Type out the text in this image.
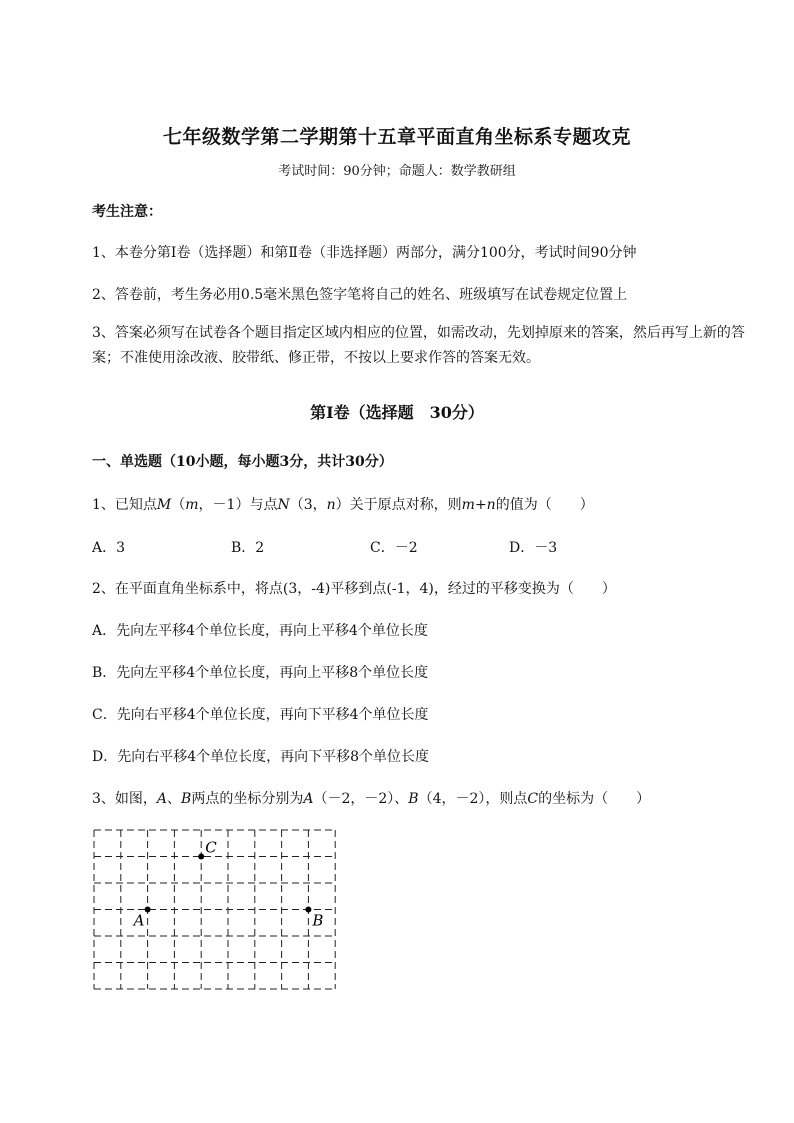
七年级数学第二学期第十五章平面直角坐标系专题攻克
考试时间：90分钟；命题人：数学教研组
考生注意：
1、本卷分第I卷（选择题）和第Ⅱ卷（非选择题）两部分，满分100分，考试时间90分钟
2、答卷前，考生务必用0.5毫米黑色签字笔将自己的姓名、班级填写在试卷规定位置上
3、答案必须写在试卷各个题目指定区域内相应的位置，如需改动，先划掉原来的答案，然后再写上新的答案；不准使用涂改液、胶带纸、修正带，不按以上要求作答的答案无效。
第I卷（选择题　30分）
一、单选题（10小题，每小题3分，共计30分）
1、已知点M（m，－1）与点N（3，n）关于原点对称，则m+n的值为（　　）
A．3	B．2	C．－2	D．－3
2、在平面直角坐标系中，将点(3，-4)平移到点(-1，4)，经过的平移变换为（　　）
A．先向左平移4个单位长度，再向上平移4个单位长度
B．先向左平移4个单位长度，再向上平移8个单位长度
C．先向右平移4个单位长度，再向下平移4个单位长度
D．先向右平移4个单位长度，再向下平移8个单位长度
3、如图，A、B两点的坐标分别为A（－2，－2）、B（4，－2），则点C的坐标为（　　）
A	B
C
